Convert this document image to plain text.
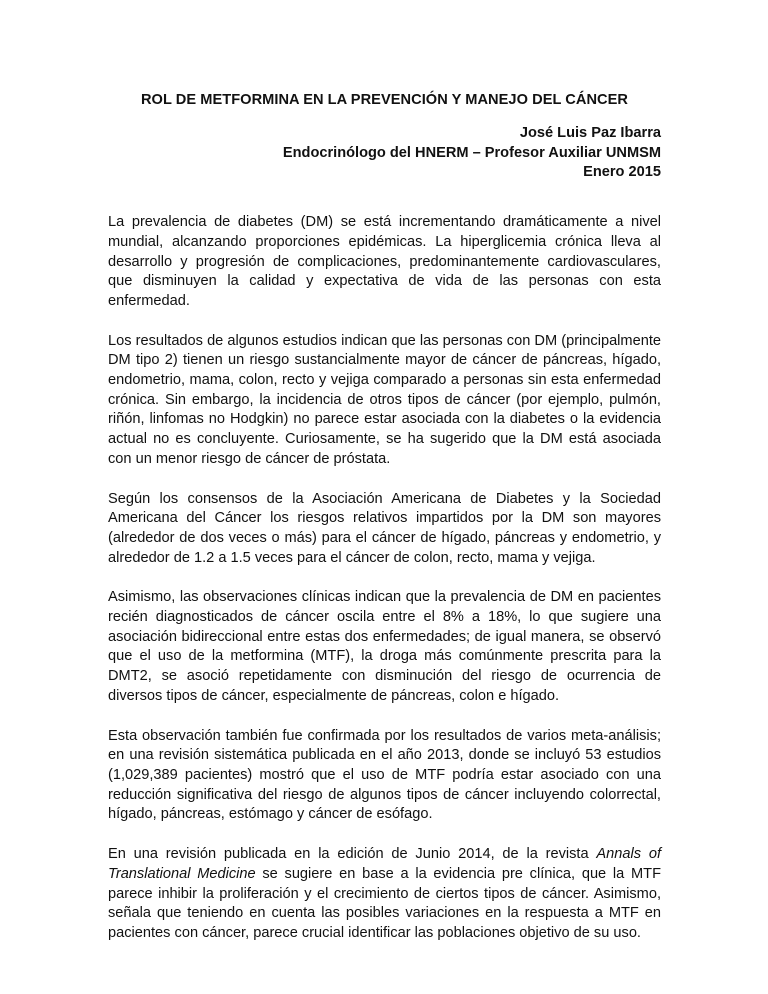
ROL DE METFORMINA EN LA PREVENCIÓN Y MANEJO DEL CÁNCER
José Luis Paz Ibarra
Endocrinólogo del HNERM – Profesor Auxiliar UNMSM
Enero 2015

La prevalencia de diabetes (DM) se está incrementando dramáticamente a nivel mundial, alcanzando proporciones epidémicas. La hiperglicemia crónica lleva al desarrollo y progresión de complicaciones, predominantemente cardiovasculares, que disminuyen la calidad y expectativa de vida de las personas con esta enfermedad.

Los resultados de algunos estudios indican que las personas con DM (principalmente DM tipo 2) tienen un riesgo sustancialmente mayor de cáncer de páncreas, hígado, endometrio, mama, colon, recto y vejiga comparado a personas sin esta enfermedad crónica. Sin embargo, la incidencia de otros tipos de cáncer (por ejemplo, pulmón, riñón, linfomas no Hodgkin) no parece estar asociada con la diabetes o la evidencia actual no es concluyente. Curiosamente, se ha sugerido que la DM está asociada con un menor riesgo de cáncer de próstata.

Según los consensos de la Asociación Americana de Diabetes y la Sociedad Americana del Cáncer los riesgos relativos impartidos por la DM son mayores (alrededor de dos veces o más) para el cáncer de hígado, páncreas y endometrio, y alrededor de 1.2 a 1.5 veces para el cáncer de colon, recto, mama y vejiga.

Asimismo, las observaciones clínicas indican que la prevalencia de DM en pacientes recién diagnosticados de cáncer oscila entre el 8% a 18%, lo que sugiere una asociación bidireccional entre estas dos enfermedades; de igual manera, se observó que el uso de la metformina (MTF), la droga más comúnmente prescrita para la DMT2, se asoció repetidamente con disminución del riesgo de ocurrencia de diversos tipos de cáncer, especialmente de páncreas, colon e hígado.

Esta observación también fue confirmada por los resultados de varios meta-análisis; en una revisión sistemática publicada en el año 2013, donde se incluyó 53 estudios (1,029,389 pacientes) mostró que el uso de MTF podría estar asociado con una reducción significativa del riesgo de algunos tipos de cáncer incluyendo colorrectal, hígado, páncreas, estómago y cáncer de esófago.

En una revisión publicada en la edición de Junio 2014, de la revista Annals of Translational Medicine se sugiere en base a la evidencia pre clínica, que la MTF parece inhibir la proliferación y el crecimiento de ciertos tipos de cáncer. Asimismo, señala que teniendo en cuenta las posibles variaciones en la respuesta a MTF en pacientes con cáncer, parece crucial identificar las poblaciones objetivo de su uso.
